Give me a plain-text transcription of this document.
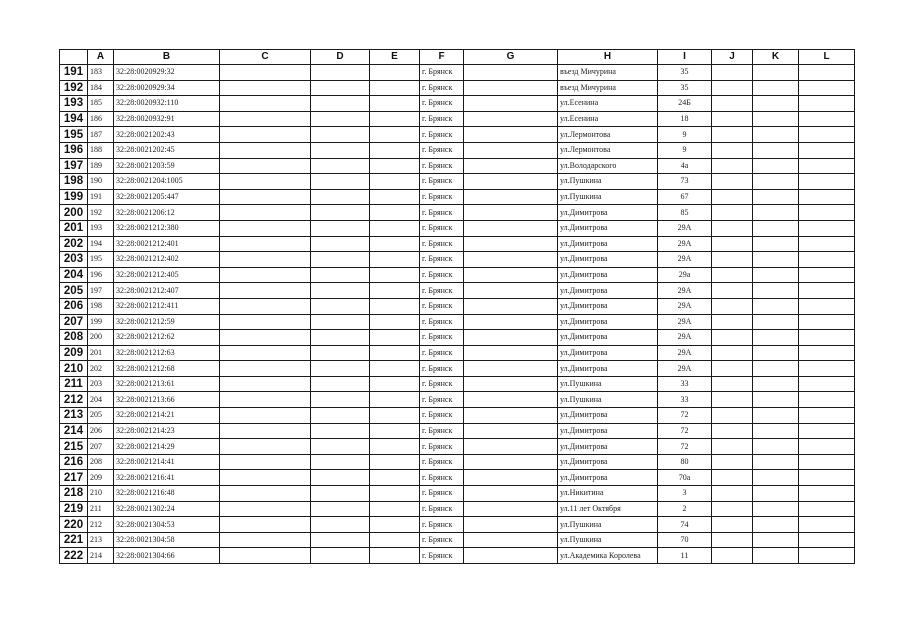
	A	B	C	D	E	F	G	H	I	J	K	L
191	183	32:28:0020929:32				г. Брянск		въезд Мичурина	35			
192	184	32:28:0020929:34				г. Брянск		въезд Мичурина	35			
193	185	32:28:0020932:110				г. Брянск		ул.Есенина	24Б			
194	186	32:28:0020932:91				г. Брянск		ул.Есенина	18			
195	187	32:28:0021202:43				г. Брянск		ул.Лермонтова	9			
196	188	32:28:0021202:45				г. Брянск		ул.Лермонтова	9			
197	189	32:28:0021203:59				г. Брянск		ул.Володарского	4а			
198	190	32:28:0021204:1005				г. Брянск		ул.Пушкина	73			
199	191	32:28:0021205:447				г. Брянск		ул.Пушкина	67			
200	192	32:28:0021206:12				г. Брянск		ул.Димитрова	85			
201	193	32:28:0021212:380				г. Брянск		ул.Димитрова	29А			
202	194	32:28:0021212:401				г. Брянск		ул.Димитрова	29А			
203	195	32:28:0021212:402				г. Брянск		ул.Димитрова	29А			
204	196	32:28:0021212:405				г. Брянск		ул.Димитрова	29а			
205	197	32:28:0021212:407				г. Брянск		ул.Димитрова	29А			
206	198	32:28:0021212:411				г. Брянск		ул.Димитрова	29А			
207	199	32:28:0021212:59				г. Брянск		ул.Димитрова	29А			
208	200	32:28:0021212:62				г. Брянск		ул.Димитрова	29А			
209	201	32:28:0021212:63				г. Брянск		ул.Димитрова	29А			
210	202	32:28:0021212:68				г. Брянск		ул.Димитрова	29А			
211	203	32:28:0021213:61				г. Брянск		ул.Пушкина	33			
212	204	32:28:0021213:66				г. Брянск		ул.Пушкина	33			
213	205	32:28:0021214:21				г. Брянск		ул.Димитрова	72			
214	206	32:28:0021214:23				г. Брянск		ул.Димитрова	72			
215	207	32:28:0021214:29				г. Брянск		ул.Димитрова	72			
216	208	32:28:0021214:41				г. Брянск		ул.Димитрова	80			
217	209	32:28:0021216:41				г. Брянск		ул.Димитрова	70а			
218	210	32:28:0021216:48				г. Брянск		ул.Никитина	3			
219	211	32:28:0021302:24				г. Брянск		ул.11 лет Октября	2			
220	212	32:28:0021304:53				г. Брянск		ул.Пушкина	74			
221	213	32:28:0021304:58				г. Брянск		ул.Пушкина	70			
222	214	32:28:0021304:66				г. Брянск		ул.Академика Королева	11			
